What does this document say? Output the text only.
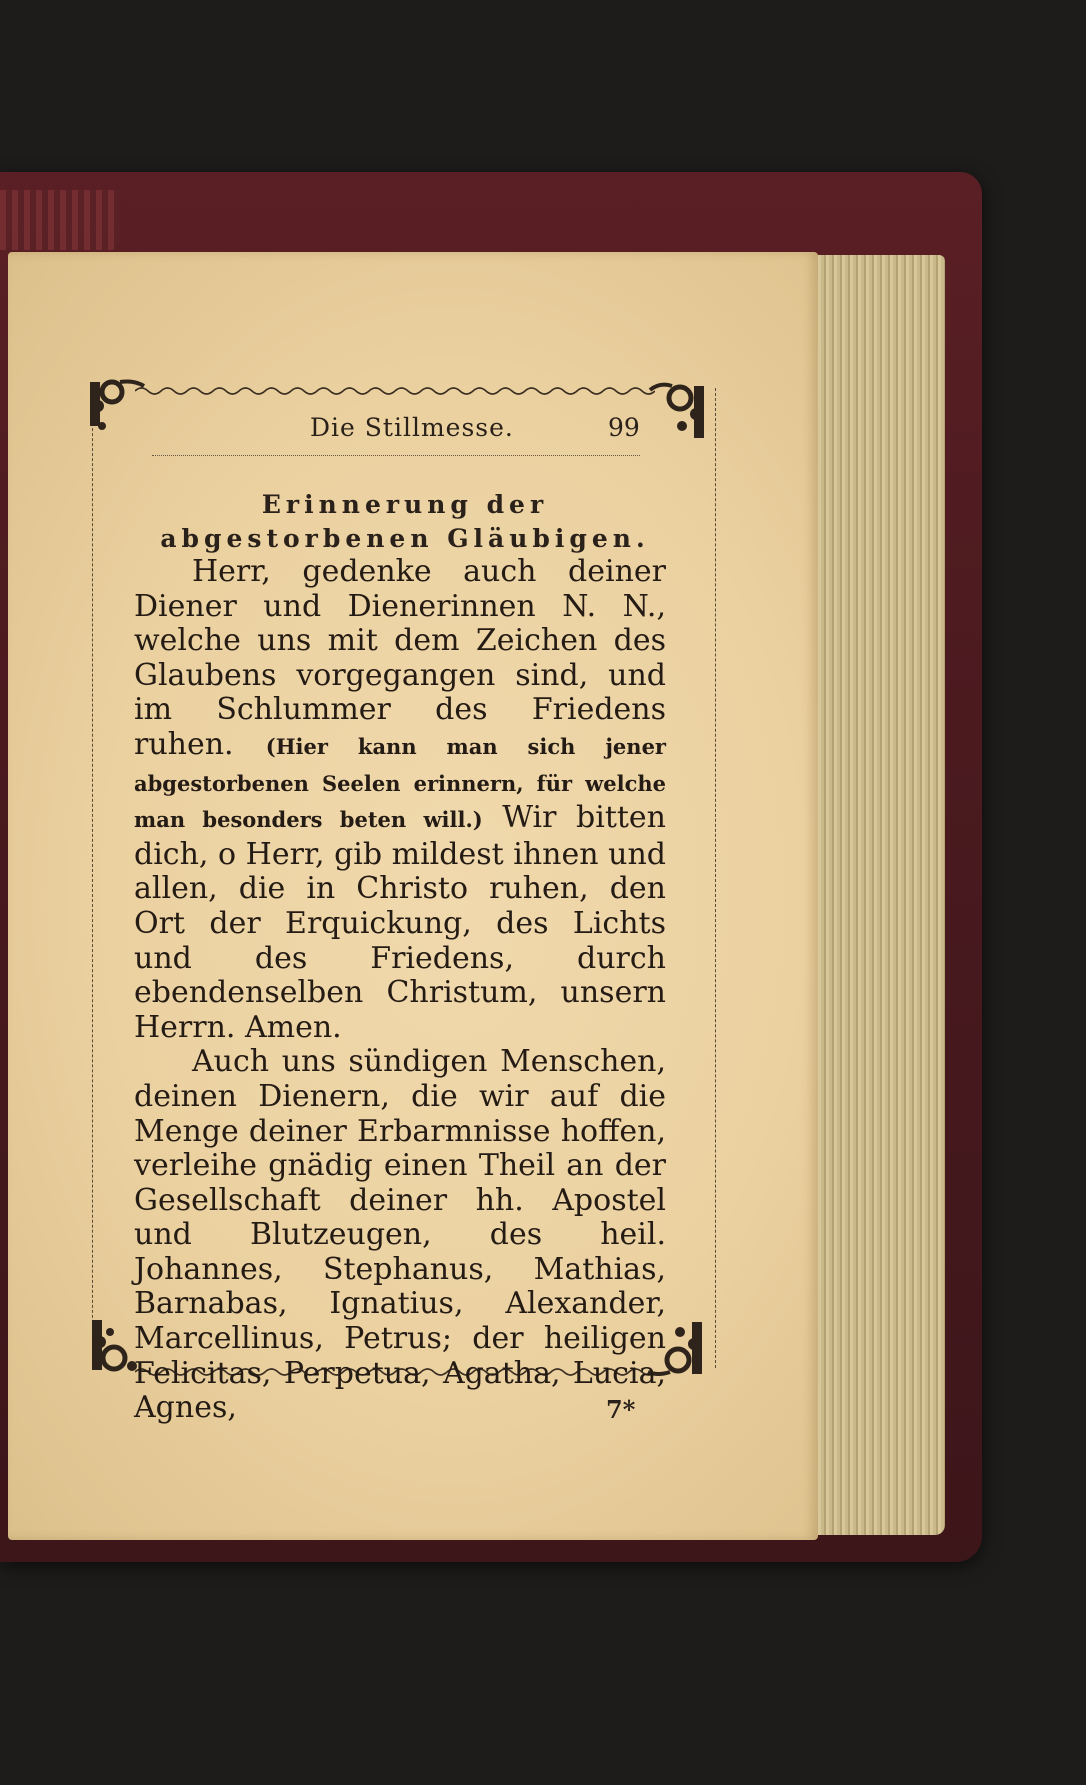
Die Stillmesse.	99
Erinnerung der abgestorbenen Gläubigen.

Herr, gedenke auch deiner Diener und Dienerinnen N. N., welche uns mit dem Zeichen des Glaubens vorgegangen sind, und im Schlummer des Friedens ruhen. (Hier kann man sich jener abgestorbenen Seelen erinnern, für welche man besonders beten will.) Wir bitten dich, o Herr, gib mildest ihnen und allen, die in Christo ruhen, den Ort der Erquickung, des Lichts und des Friedens, durch ebendenselben Christum, unsern Herrn. Amen.

Auch uns sündigen Menschen, deinen Dienern, die wir auf die Menge deiner Erbarmnisse hoffen, verleihe gnädig einen Theil an der Gesellschaft deiner hh. Apostel und Blutzeugen, des heil. Johannes, Stephanus, Mathias, Barnabas, Ignatius, Alexander, Marcellinus, Petrus; der heiligen Felicitas, Perpetua, Agatha, Lucia, Agnes,	7*
